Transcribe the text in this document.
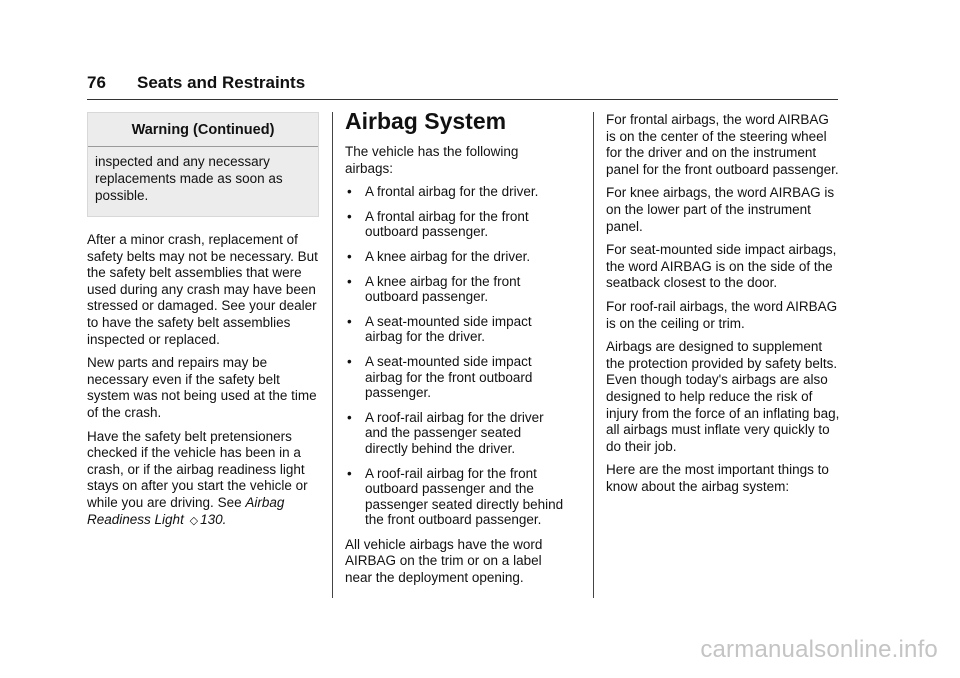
76 Seats and Restraints
Warning (Continued)
inspected and any necessary replacements made as soon as possible.

After a minor crash, replacement of safety belts may not be necessary. But the safety belt assemblies that were used during any crash may have been stressed or damaged. See your dealer to have the safety belt assemblies inspected or replaced.

New parts and repairs may be necessary even if the safety belt system was not being used at the time of the crash.

Have the safety belt pretensioners checked if the vehicle has been in a crash, or if the airbag readiness light stays on after you start the vehicle or while you are driving. See Airbag Readiness Light ◇ 130.

Airbag System

The vehicle has the following airbags:

• A frontal airbag for the driver.
• A frontal airbag for the front outboard passenger.
• A knee airbag for the driver.
• A knee airbag for the front outboard passenger.
• A seat-mounted side impact airbag for the driver.
• A seat-mounted side impact airbag for the front outboard passenger.
• A roof-rail airbag for the driver and the passenger seated directly behind the driver.
• A roof-rail airbag for the front outboard passenger and the passenger seated directly behind the front outboard passenger.

All vehicle airbags have the word AIRBAG on the trim or on a label near the deployment opening.

For frontal airbags, the word AIRBAG is on the center of the steering wheel for the driver and on the instrument panel for the front outboard passenger.

For knee airbags, the word AIRBAG is on the lower part of the instrument panel.

For seat-mounted side impact airbags, the word AIRBAG is on the side of the seatback closest to the door.

For roof-rail airbags, the word AIRBAG is on the ceiling or trim.

Airbags are designed to supplement the protection provided by safety belts. Even though today's airbags are also designed to help reduce the risk of injury from the force of an inflating bag, all airbags must inflate very quickly to do their job.

Here are the most important things to know about the airbag system:

carmanualsonline.info
